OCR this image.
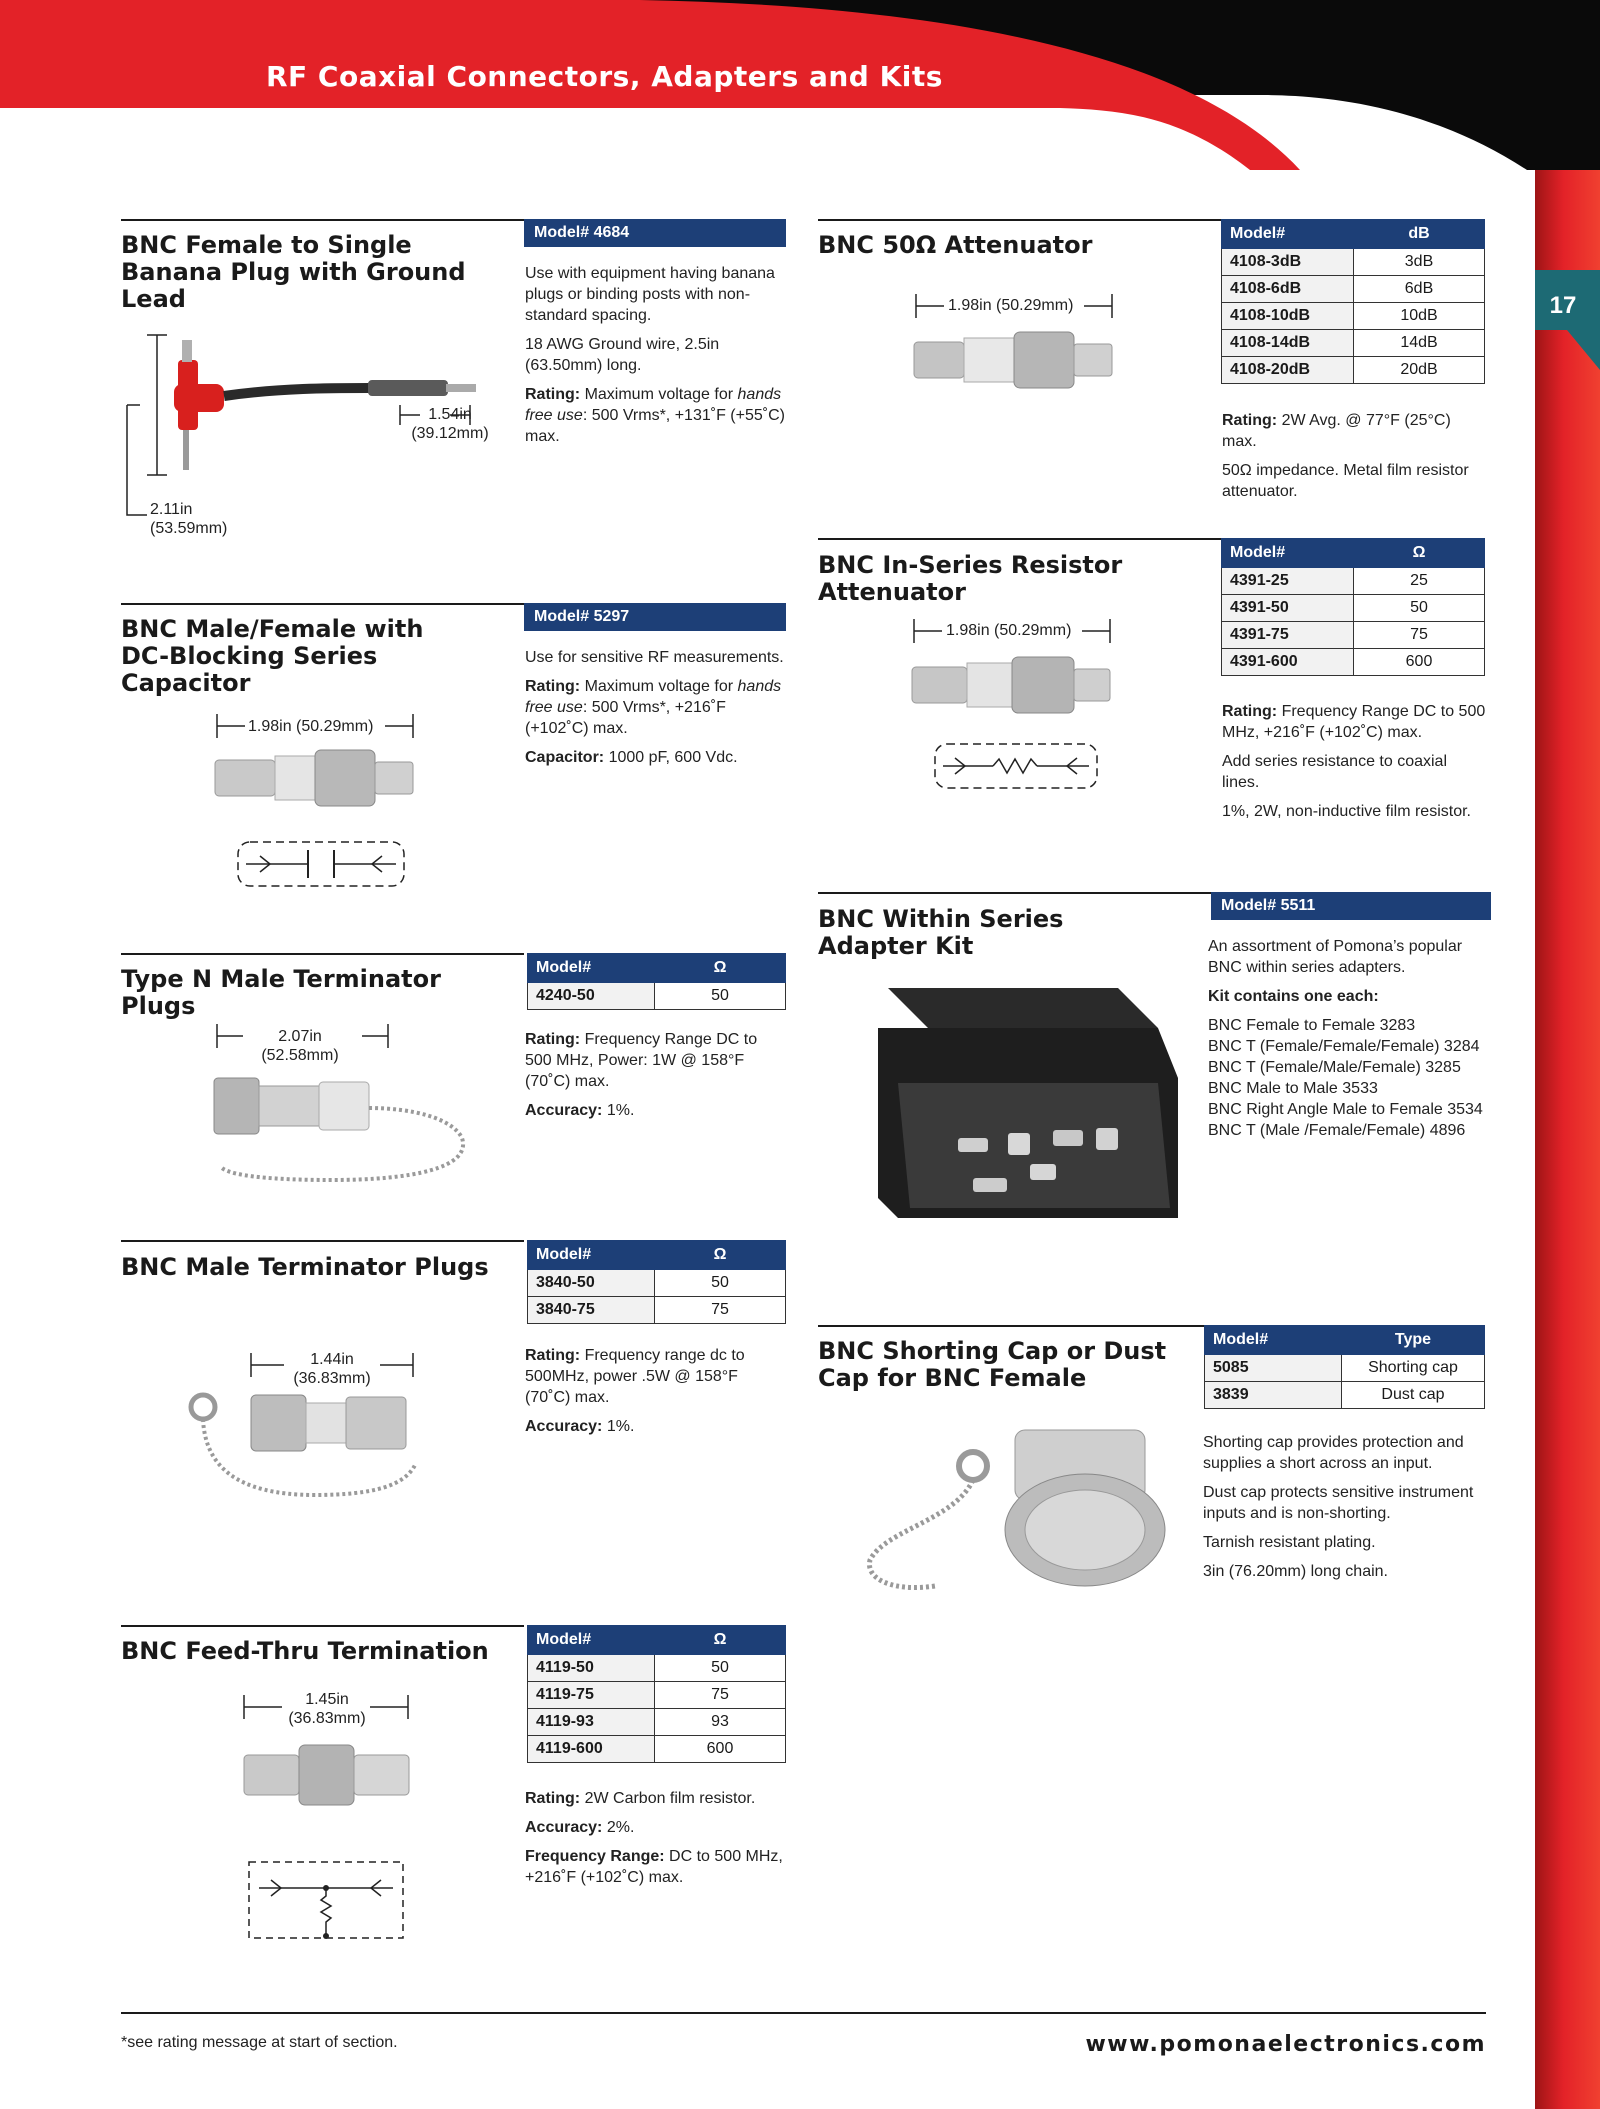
RF Coaxial Connectors, Adapters and Kits
17
BNC Female to Single
Banana Plug with Ground
Lead
Model# 4684

Use with equipment having banana plugs or binding posts with non-standard spacing.

18 AWG Ground wire, 2.5in (63.50mm) long.

Rating: Maximum voltage for hands free use: 500 Vrms*, +131˚F (+55˚C) max.

1.54in
(39.12mm)
2.11in
(53.59mm)
BNC Male/Female with
DC-Blocking Series
Capacitor
Model# 5297

Use for sensitive RF measurements.

Rating: Maximum voltage for hands free use: 500 Vrms*, +216˚F (+102˚C) max.

Capacitor: 1000 pF, 600 Vdc.

1.98in (50.29mm)
Type N Male Terminator
Plugs
Model#	Ω
4240-50	50

Rating: Frequency Range DC to 500 MHz, Power: 1W @ 158°F (70˚C) max.

Accuracy: 1%.

2.07in
(52.58mm)
BNC Male Terminator Plugs	Model#	Ω
3840-50	50
3840-75	75

Rating: Frequency range dc to 500MHz, power .5W @ 158°F (70˚C) max.

Accuracy: 1%.

1.44in
(36.83mm)
BNC Feed-Thru Termination	Model#	Ω
4119-50	50
4119-75	75
4119-93	93
4119-600	600

Rating: 2W Carbon film resistor.

Accuracy: 2%.

Frequency Range: DC to 500 MHz, +216˚F (+102˚C) max.

1.45in
(36.83mm)
BNC 50Ω Attenuator	Model#	dB
4108-3dB	3dB
4108-6dB	6dB
4108-10dB	10dB
4108-14dB	14dB
4108-20dB	20dB

Rating: 2W Avg. @ 77°F (25°C) max.

50Ω impedance. Metal film resistor attenuator.

1.98in (50.29mm)
BNC In-Series Resistor
Attenuator
Model#	Ω
4391-25	25
4391-50	50
4391-75	75
4391-600	600

Rating: Frequency Range DC to 500 MHz, +216˚F (+102˚C) max.

Add series resistance to coaxial lines.

1%, 2W, non-inductive film resistor.

1.98in (50.29mm)
BNC Within Series
Adapter Kit
Model# 5511

An assortment of Pomona’s popular BNC within series adapters.

Kit contains one each:

BNC Female to Female 3283
BNC T (Female/Female/Female) 3284
BNC T (Female/Male/Female) 3285
BNC Male to Male 3533
BNC Right Angle Male to Female 3534
BNC T (Male /Female/Female) 4896
BNC Shorting Cap or Dust
Cap for BNC Female
Model#	Type
5085	Shorting cap
3839	Dust cap

Shorting cap provides protection and supplies a short across an input.

Dust cap protects sensitive instrument inputs and is non-shorting.

Tarnish resistant plating.

3in (76.20mm) long chain.

*see rating message at start of section.	www.pomonaelectronics.com
